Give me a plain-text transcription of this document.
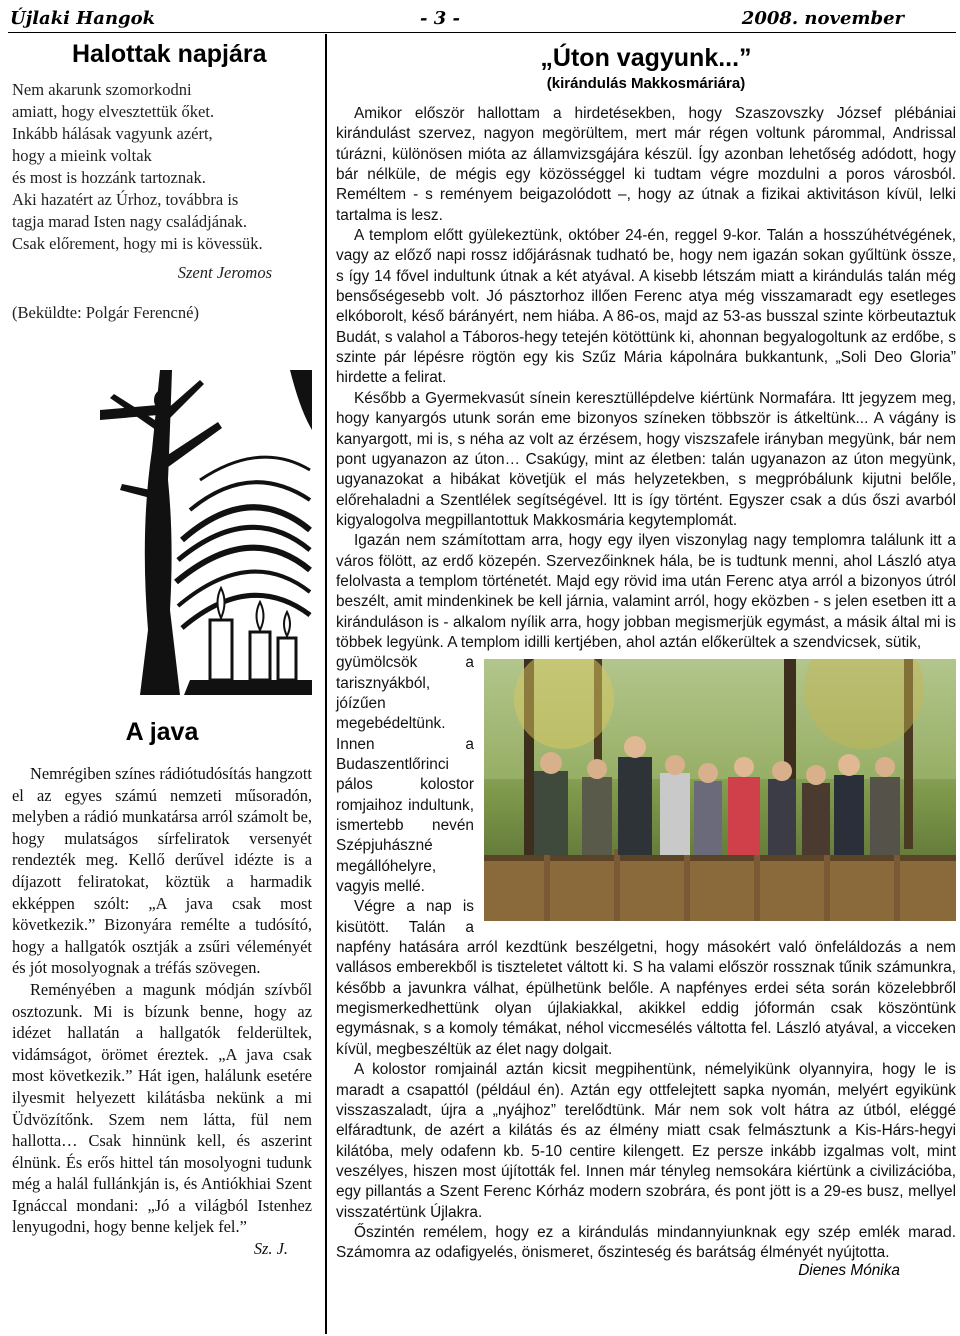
Újlaki Hangok	- 3 -	2008. november
Halottak napjára
Nem akarunk szomorkodni
amiatt, hogy elvesztettük őket.
Inkább hálásak vagyunk azért,
hogy a mieink voltak
és most is hozzánk tartoznak.
Aki hazatért az Úrhoz, továbbra is
tagja marad Isten nagy családjának.
Csak előrement, hogy mi is kövessük.
Szent Jeromos
(Beküldte: Polgár Ferencné)
A java

Nemrégiben színes rádiótudósítás hangzott el az egyes számú nemzeti műsoradón, melyben a rádió munkatársa arról számolt be, hogy mulatságos sírfeliratok versenyét rendezték meg. Kellő derűvel idézte is a díjazott feliratokat, köztük a harmadik ekképpen szólt: „A java csak most következik.” Bizonyára remélte a tudósító, hogy a hallgatók osztják a zsűri véleményét és jót mosolyognak a tréfás szövegen.

Reményében a magunk módján szívből osztozunk. Mi is bízunk benne, hogy az idézet hallatán a hallgatók felderültek, vidámságot, örömet éreztek. „A java csak most következik.” Hát igen, halálunk esetére ilyesmit helyezett kilátásba nekünk a mi Üdvözítőnk. Szem nem látta, fül nem hallotta… Csak hinnünk kell, és aszerint élnünk. És erős hittel tán mosolyogni tudunk még a halál fullánkján is, és Antiókhiai Szent Ignáccal mondani: „Jó a világból Istenhez lenyugodni, hogy benne keljek fel.”

Sz. J.
„Úton vagyunk...”
(kirándulás Makkosmáriára)

Amikor először hallottam a hirdetésekben, hogy Szaszovszky József plébániai kirándulást szervez, nagyon megörültem, mert már régen voltunk párommal, Andrissal túrázni, különösen mióta az államvizsgájára készül. Így azonban lehetőség adódott, hogy bár nélküle, de mégis egy közösséggel ki tudtam végre mozdulni a poros városból. Reméltem - s reményem beigazolódott –, hogy az útnak a fizikai aktivitáson kívül, lelki tartalma is lesz.

A templom előtt gyülekeztünk, október 24-én, reggel 9-kor. Talán a hosszúhétvégének, vagy az előző napi rossz időjárásnak tudható be, hogy nem igazán sokan gyűltünk össze, s így 14 fővel indultunk útnak a két atyával. A kisebb létszám miatt a kirándulás talán még bensőségesebb volt. Jó pásztorhoz illően Ferenc atya még visszamaradt egy esetleges elkóborolt, késő bárányért, nem hiába. A 86-os, majd az 53-as busszal szinte körbeutaztuk Budát, s valahol a Táboros-hegy tetején kötöttünk ki, ahonnan begyalogoltunk az erdőbe, s szinte pár lépésre rögtön egy kis Szűz Mária kápolnára bukkantunk, „Soli Deo Gloria” hirdette a felirat.

Később a Gyermekvasút sínein keresztüllépdelve kiértünk Normafára. Itt jegyzem meg, hogy kanyargós utunk során eme bizonyos színeken többször is átkeltünk... A vágány is kanyargott, mi is, s néha az volt az érzésem, hogy viszszafele irányban megyünk, bár nem pont ugyanazon az úton… Csakúgy, mint az életben: talán ugyanazon az úton megyünk, ugyanazokat a hibákat követjük el más helyzetekben, s megpróbálunk kijutni belőle, előrehaladni a Szentlélek segítségével. Itt is így történt. Egyszer csak a dús őszi avarból kigyalogolva megpillantottuk Makkosmária kegytemplomát.

Igazán nem számítottam arra, hogy egy ilyen viszonylag nagy templomra találunk itt a város fölött, az erdő közepén. Szervezőinknek hála, be is tudtunk menni, ahol László atya felolvasta a templom történetét. Majd egy rövid ima után Ferenc atya arról a bizonyos útról beszélt, amit mindenkinek be kell járnia, valamint arról, hogy eközben - s jelen esetben itt a kiránduláson is - alkalom nyílik arra, hogy jobban megismerjük egymást, a másik által mi is többek legyünk. A templom idilli kertjében, ahol aztán előkerültek a szendvicsek, sütik,

gyümölcsök a tarisznyákból, jóízűen megebédeltünk. Innen a Budaszentlőrinci pálos kolostor romjaihoz indultunk, ismertebb nevén Szépjuhászné megállóhelyre, vagyis mellé.

Végre a nap is kisütött. Talán a napfény hatására arról kezdtünk beszélgetni, hogy másokért való önfeláldozás a nem vallásos emberekből is tiszteletet váltott ki. S ha valami először rossznak tűnik számunkra, később a javunkra válhat, épülhetünk belőle. A napfényes erdei séta során közelebbről megismerkedhettünk olyan újlakiakkal, akikkel eddig jóformán csak köszöntünk egymásnak, s a komoly témákat, néhol viccmesélés váltotta fel. László atyával, a vicceken kívül, megbeszéltük az élet nagy dolgait.

A kolostor romjainál aztán kicsit megpihentünk, némelyikünk olyannyira, hogy le is maradt a csapattól (például én). Aztán egy ottfelejtett sapka nyomán, melyért egyikünk visszaszaladt, újra a „nyájhoz” terelődtünk. Már nem sok volt hátra az útból, eléggé elfáradtunk, de azért a kilátás és az élmény miatt csak felmásztunk a Kis-Hárs-hegyi kilátóba, mely odafenn kb. 5-10 centire kilengett. Ez persze inkább izgalmas volt, mint veszélyes, hiszen most újították fel. Innen már tényleg nemsokára kiértünk a civilizációba, egy pillantás a Szent Ferenc Kórház modern szobrára, és pont jött is a 29-es busz, mellyel visszatértünk Újlakra.

Őszintén remélem, hogy ez a kirándulás mindannyiunknak egy szép emlék marad. Számomra az odafigyelés, önismeret, őszinteség és barátság élményét nyújtotta.

Dienes Mónika
